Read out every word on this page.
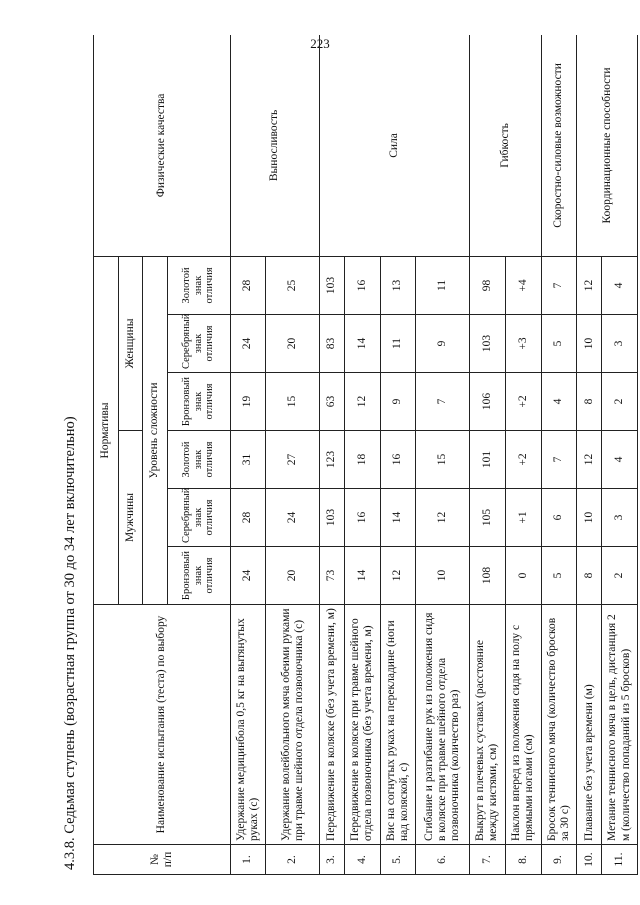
223
4.3.8. Седьмая ступень (возрастная группа от 30 до 34 лет включительно)	№ п/п	Наименование испытания (теста) по выбору	Нормативы						Физические качества
		Мужчины			Женщины			
		Уровень сложности						
		Бронзовый знак отличия	Серебряный знак отличия	Золотой знак отличия	Бронзовый знак отличия	Серебряный знак отличия	Золотой знак отличия	
1.	Удержание медицинбола 0,5 кг на вытянутых руках (с)	24	28	31	19	24	28	Выносливость
2.	Удержание волейбольного мяча обеими руками при травме шейного отдела позвоночника (с)	20	24	27	15	20	25	
3.	Передвижение в коляске (без учета времени, м)	73	103	123	63	83	103	Сила
4.	Передвижение в коляске при травме шейного отдела позвоночника (без учета времени, м)	14	16	18	12	14	16	
5.	Вис на согнутых руках на перекладине (ноги над коляской, с)	12	14	16	9	11	13	
6.	Сгибание и разгибание рук из положения сидя в коляске при травме шейного отдела позвоночника (количество раз)	10	12	15	7	9	11	
7.	Выкрут в плечевых суставах (расстояние между кистями, см)	108	105	101	106	103	98	Гибкость
8.	Наклон вперед из положения сидя на полу с прямыми ногами (см)	0	+1	+2	+2	+3	+4	
9.	Бросок теннисного мяча (количество бросков за 30 с)	5	6	7	4	5	7	Скоростно-силовые возможности
10.	Плавание без учета времени (м)	8	10	12	8	10	12	Координационные способности
11.	Метание теннисного мяча в цель, дистанция 2 м (количество попаданий из 5 бросков)	2	3	4	2	3	4	
